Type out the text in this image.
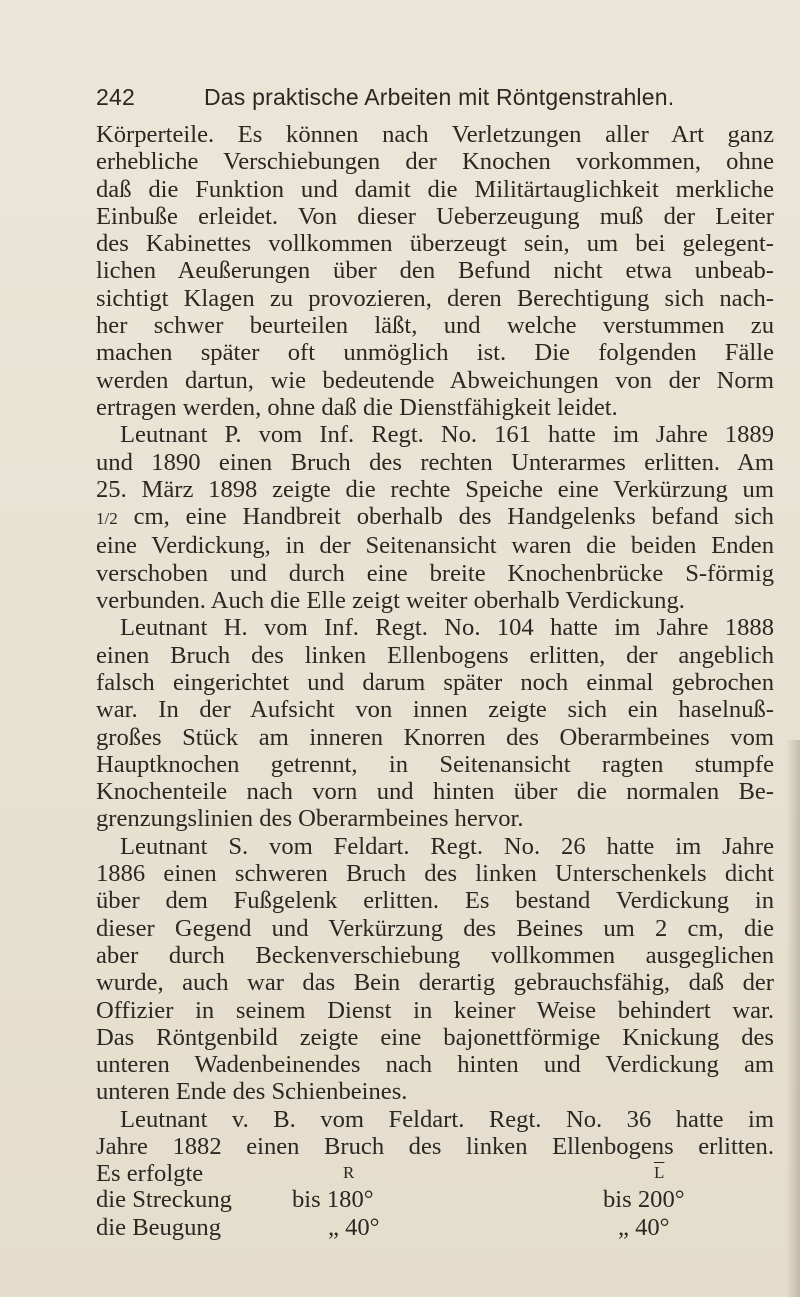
242	Das praktische Arbeiten mit Röntgenstrahlen.
Körperteile. Es können nach Verletzungen aller Art ganz
erhebliche Verschiebungen der Knochen vorkommen, ohne
daß die Funktion und damit die Militärtauglichkeit merkliche
Einbuße erleidet. Von dieser Ueberzeugung muß der Leiter
des Kabinettes vollkommen überzeugt sein, um bei gelegent-
lichen Aeußerungen über den Befund nicht etwa unbeab-
sichtigt Klagen zu provozieren, deren Berechtigung sich nach-
her schwer beurteilen läßt, und welche verstummen zu
machen später oft unmöglich ist. Die folgenden Fälle
werden dartun, wie bedeutende Abweichungen von der Norm
ertragen werden, ohne daß die Dienstfähigkeit leidet.
Leutnant P. vom Inf. Regt. No. 161 hatte im Jahre 1889
und 1890 einen Bruch des rechten Unterarmes erlitten. Am
25. März 1898 zeigte die rechte Speiche eine Verkürzung um
1/2 cm, eine Handbreit oberhalb des Handgelenks befand sich
eine Verdickung, in der Seitenansicht waren die beiden Enden
verschoben und durch eine breite Knochenbrücke S-förmig
verbunden. Auch die Elle zeigt weiter oberhalb Verdickung.
Leutnant H. vom Inf. Regt. No. 104 hatte im Jahre 1888
einen Bruch des linken Ellenbogens erlitten, der angeblich
falsch eingerichtet und darum später noch einmal gebrochen
war. In der Aufsicht von innen zeigte sich ein haselnuß-
großes Stück am inneren Knorren des Oberarmbeines vom
Hauptknochen getrennt, in Seitenansicht ragten stumpfe
Knochenteile nach vorn und hinten über die normalen Be-
grenzungslinien des Oberarmbeines hervor.
Leutnant S. vom Feldart. Regt. No. 26 hatte im Jahre
1886 einen schweren Bruch des linken Unterschenkels dicht
über dem Fußgelenk erlitten. Es bestand Verdickung in
dieser Gegend und Verkürzung des Beines um 2 cm, die
aber durch Beckenverschiebung vollkommen ausgeglichen
wurde, auch war das Bein derartig gebrauchsfähig, daß der
Offizier in seinem Dienst in keiner Weise behindert war.
Das Röntgenbild zeigte eine bajonettförmige Knickung des
unteren Wadenbeinendes nach hinten und Verdickung am
unteren Ende des Schienbeines.
Leutnant v. B. vom Feldart. Regt. No. 36 hatte im
Jahre 1882 einen Bruch des linken Ellenbogens erlitten.
Es erfolgte	R	$\overline{L}$
die Streckung bis 180°	bis 200°
die Beugung	„ 40°	„ 40°
